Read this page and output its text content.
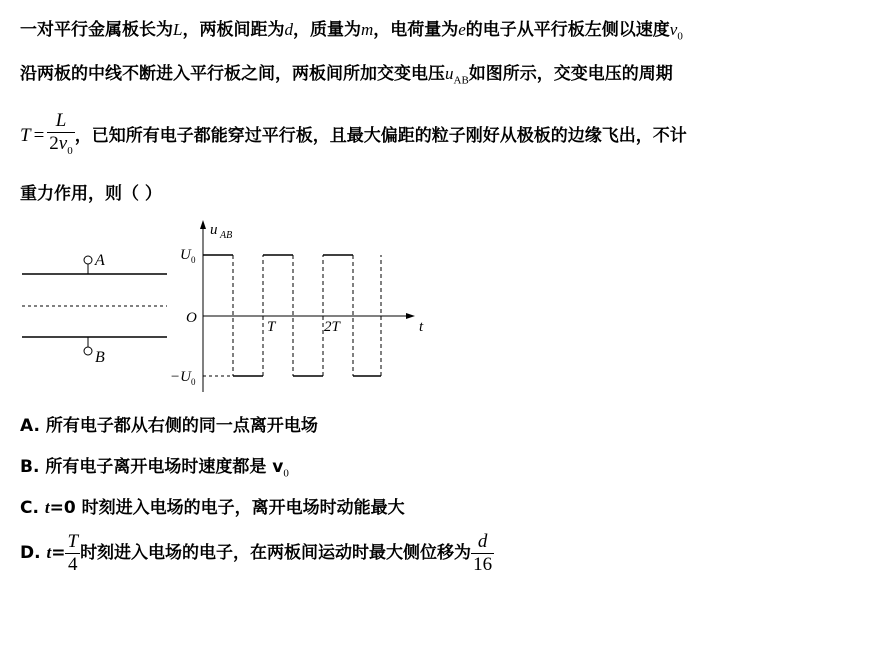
一对平行金属板长为L，两板间距为d，质量为m，电荷量为e的电子从平行板左侧以速度$v_0$
沿两板的中线不断进入平行板之间，两板间所加交变电压$u_{AB}$如图所示，交变电压的周期
$T = \frac{L}{2v_0}$ ，已知所有电子都能穿过平行板，且最大偏距的粒子刚好从极板的边缘飞出，不计
重力作用，则（ ）
A
B
u AB
U 0
−U 0
O
T	2T	t
A. 所有电子都从右侧的同一点离开电场
B. 所有电子离开电场时速度都是 $v_0$
C. t=0 时刻进入电场的电子，离开电场时动能最大
D. $t= \frac{T}{4}$ 时刻进入电场的电子，在两板间运动时最大侧位移为 $\frac{d}{16}$
